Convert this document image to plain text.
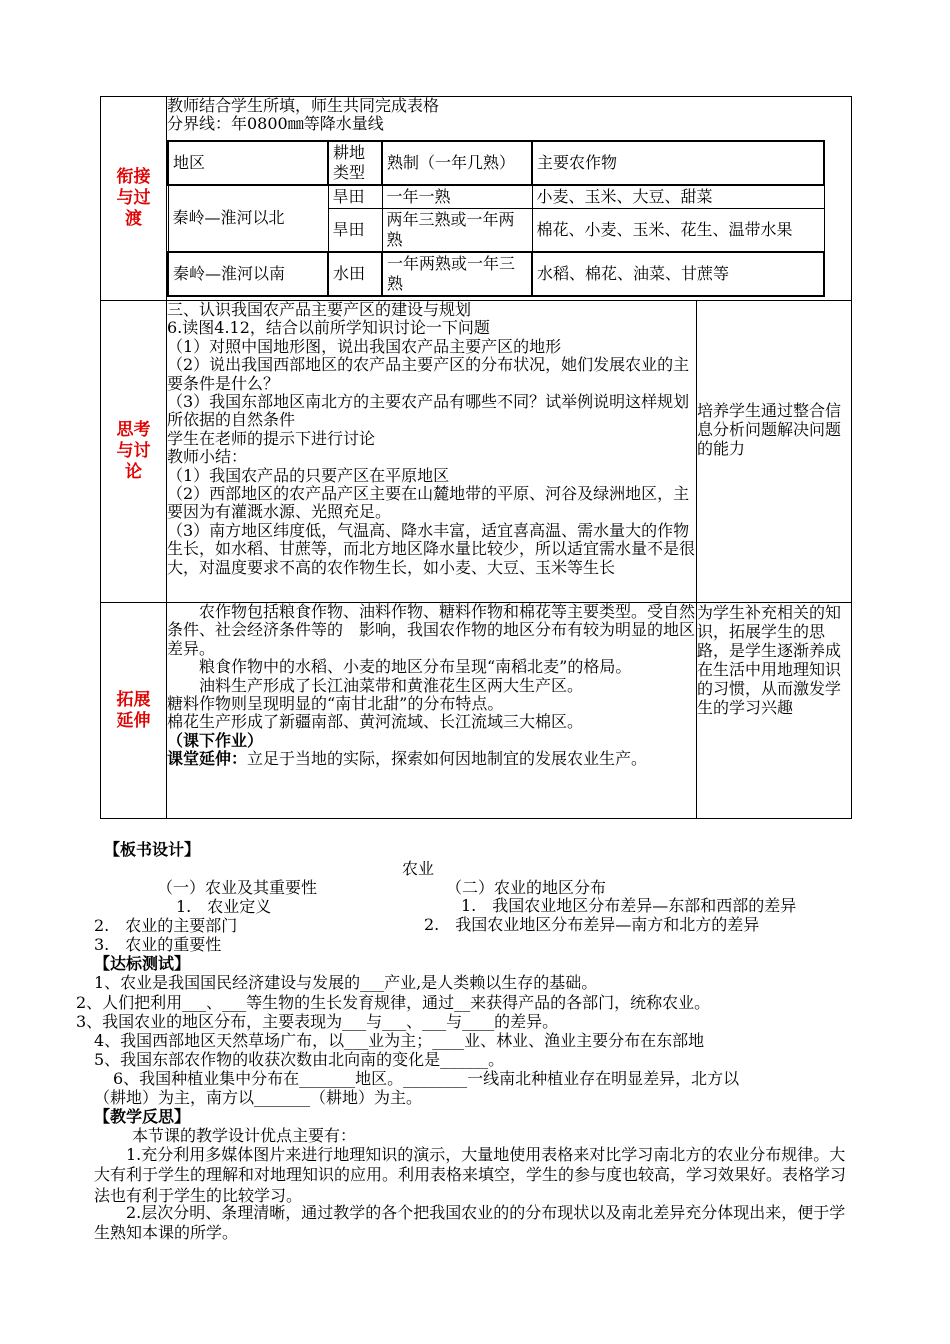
衔接与过渡

教师结合学生所填，师生共同完成表格
分界线：年0800㎜等降水量线
地区	耕地类型	熟制（一年几熟）	主要农作物
秦岭—淮河以北	旱田	一年一熟	小麦、玉米、大豆、甜菜
旱田	两年三熟或一年两熟	棉花、小麦、玉米、花生、温带水果
秦岭—淮河以南	水田	一年两熟或一年三熟	水稻、棉花、油菜、甘蔗等

思考与讨论

三、认识我国农产品主要产区的建设与规划
6.读图4.12，结合以前所学知识讨论一下问题
（1）对照中国地形图，说出我国农产品主要产区的地形
（2）说出我国西部地区的农产品主要产区的分布状况，她们发展农业的主要条件是什么？
（3）我国东部地区南北方的主要农产品有哪些不同？试举例说明这样规划所依据的自然条件
学生在老师的提示下进行讨论
教师小结：
（1）我国农产品的只要产区在平原地区
（2）西部地区的农产品产区主要在山麓地带的平原、河谷及绿洲地区，主要因为有灌溉水源、光照充足。
（3）南方地区纬度低，气温高、降水丰富，适宜喜高温、需水量大的作物生长，如水稻、甘蔗等，而北方地区降水量比较少，所以适宜需水量不是很大，对温度要求不高的农作物生长，如小麦、大豆、玉米等生长

培养学生通过整合信息分析问题解决问题的能力

拓展延伸

农作物包括粮食作物、油料作物、糖料作物和棉花等主要类型。受自然条件、社会经济条件等的　影响，我国农作物的地区分布有较为明显的地区差异。
粮食作物中的水稻、小麦的地区分布呈现“南稻北麦”的格局。
油料生产形成了长江油菜带和黄淮花生区两大生产区。
糖料作物则呈现明显的“南甘北甜”的分布特点。
棉花生产形成了新疆南部、黄河流域、长江流域三大棉区。
（课下作业）
课堂延伸：立足于当地的实际，探索如何因地制宜的发展农业生产。

为学生补充相关的知识，拓展学生的思路，是学生逐渐养成在生活中用地理知识的习惯，从而激发学生的学习兴趣
【板书设计】
农业
（一）农业及其重要性	（二）农业的地区分布
1.　农业定义	1.　我国农业地区分布差异—东部和西部的差异
2.　农业的主要部门	2.　我国农业地区分布差异—南方和北方的差异
3.　农业的重要性
【达标测试】
1、农业是我国国民经济建设与发展的___产业,是人类赖以生存的基础。
2、人们把利用___、___等生物的生长发育规律，通过__来获得产品的各部门，统称农业。
3、我国农业的地区分布，主要表现为___与___、___与____的差异。
4、我国西部地区天然草场广布，以___业为主；____业、林业、渔业主要分布在东部地
5、我国东部农作物的收获次数由北向南的变化是______。
6、我国种植业集中分布在_______地区。________一线南北种植业存在明显差异，北方以
（耕地）为主，南方以_______（耕地）为主。
【教学反思】
本节课的教学设计优点主要有：
1.充分利用多媒体图片来进行地理知识的演示，大量地使用表格来对比学习南北方的农业分布规律。大大有利于学生的理解和对地理知识的应用。利用表格来填空，学生的参与度也较高，学习效果好。表格学习法也有利于学生的比较学习。
2.层次分明、条理清晰，通过教学的各个把我国农业的的分布现状以及南北差异充分体现出来，便于学生熟知本课的所学。
